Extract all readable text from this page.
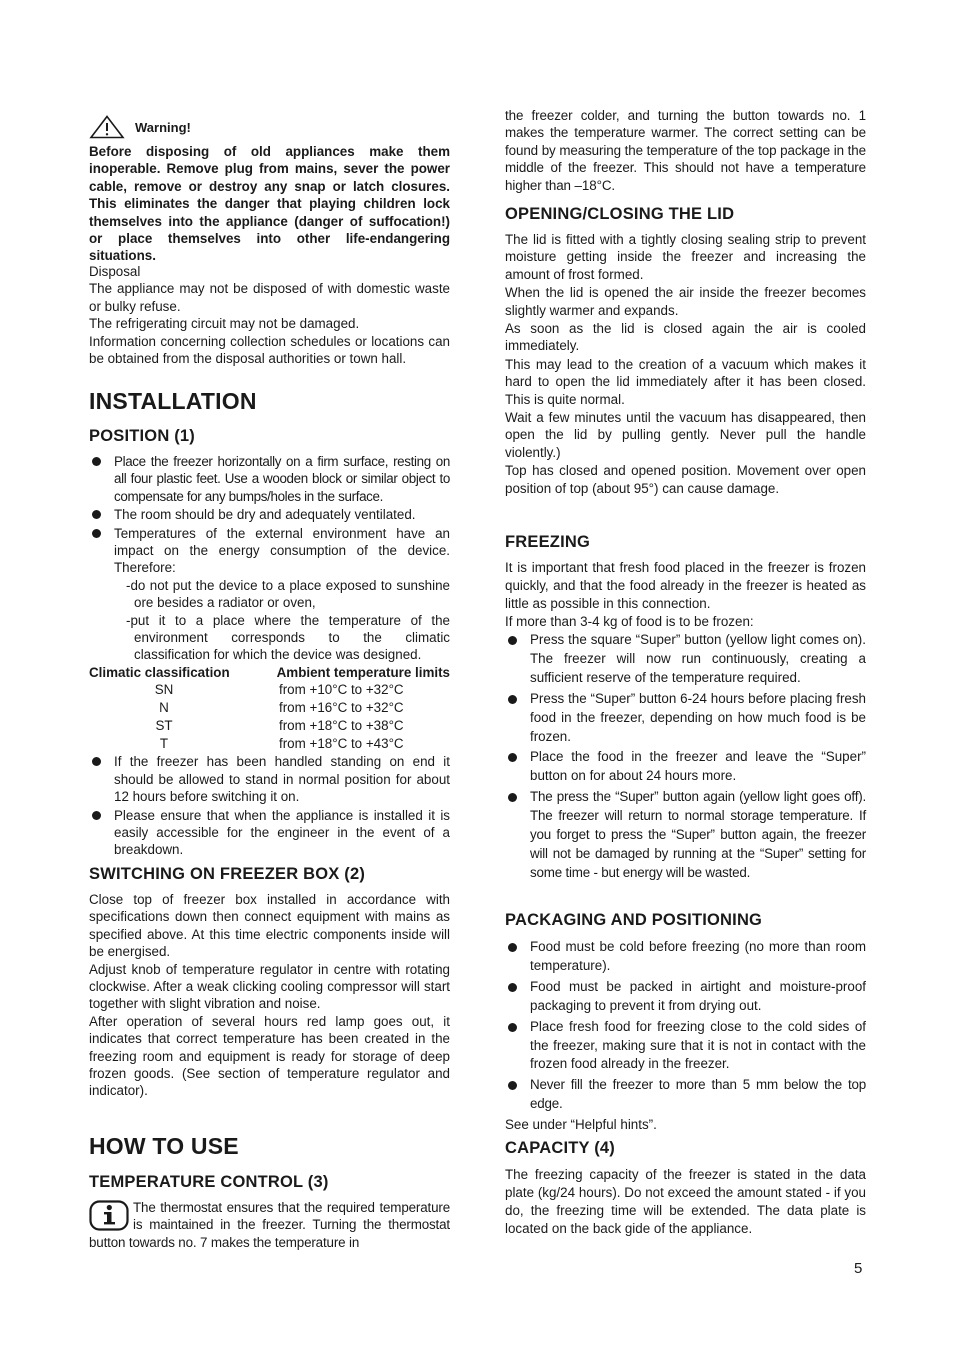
Warning!

Before disposing of old appliances make them inoperable. Remove plug from mains, sever the power cable, remove or destroy any snap or latch closures. This eliminates the danger that playing children lock themselves into the appliance (danger of suffocation!) or place themselves into other life-endangering situations.

Disposal

The appliance may not be disposed of with domestic waste or bulky refuse.

The refrigerating circuit may not be damaged.

Information concerning collection schedules or locations can be obtained from the disposal authorities or town hall.

INSTALLATION
POSITION (1)
Place the freezer horizontally on a firm surface, resting on all four plastic feet. Use a wooden block or similar object to compensate for any bumps/holes in the surface.
The room should be dry and adequately ventilated.
Temperatures of the external environment have an impact on the energy consumption of the device. Therefore:
-do not put the device to a place exposed to sunshine ore besides a radiator or oven,
-put it to a place where the temperature of the environment corresponds to the climatic classification for which the device was designed.
Climatic classification	Ambient temperature limits
SN	from +10°C to +32°C
N	from +16°C to +32°C
ST	from +18°C to +38°C
T	from +18°C to +43°C
If the freezer has been handled standing on end it should be allowed to stand in normal position for about 12 hours before switching it on.
Please ensure that when the appliance is installed it is easily accessible for the engineer in the event of a breakdown.
SWITCHING ON FREEZER BOX (2)

Close top of freezer box installed in accordance with specifications down then connect equipment with mains as specified above. At this time electric components inside will be energised.

Adjust knob of temperature regulator in centre with rotating clockwise. After a weak clicking cooling compressor will start together with slight vibration and noise.

After operation of several hours red lamp goes out, it indicates that correct temperature has been created in the freezing room and equipment is ready for storage of deep frozen goods. (See section of temperature regulator and indicator).

HOW TO USE
TEMPERATURE CONTROL (3)

The thermostat ensures that the required temperature is maintained in the freezer. Turning the thermostat button towards no. 7 makes the temperature in

the freezer colder, and turning the button towards no. 1 makes the temperature warmer. The correct setting can be found by measuring the temperature of the top package in the middle of the freezer. This should not have a temperature higher than –18°C.

OPENING/CLOSING THE LID

The lid is fitted with a tightly closing sealing strip to prevent moisture getting inside the freezer and increasing the amount of frost formed.

When the lid is opened the air inside the freezer becomes slightly warmer and expands.

As soon as the lid is closed again the air is cooled immediately.

This may lead to the creation of a vacuum which makes it hard to open the lid immediately after it has been closed. This is quite normal.

Wait a few minutes until the vacuum has disappeared, then open the lid by pulling gently. Never pull the handle violently.)

Top has closed and opened position. Movement over open position of top (about 95°) can cause damage.

FREEZING

It is important that fresh food placed in the freezer is frozen quickly, and that the food already in the freezer is heated as little as possible in this connection.

If more than 3-4 kg of food is to be frozen:

Press the square “Super” button (yellow light comes on). The freezer will now run continuously, creating a sufficient reserve of the temperature required.
Press the “Super” button 6-24 hours before placing fresh food in the freezer, depending on how much food is be frozen.
Place the food in the freezer and leave the “Super” button on for about 24 hours more.
The press the “Super” button again (yellow light goes off). The freezer will return to normal storage temperature. If you forget to press the “Super” button again, the freezer will not be damaged by running at the “Super” setting for some time - but energy will be wasted.
PACKAGING AND POSITIONING
Food must be cold before freezing (no more than room temperature).
Food must be packed in airtight and moisture-proof packaging to prevent it from drying out.
Place fresh food for freezing close to the cold sides of the freezer, making sure that it is not in contact with the frozen food already in the freezer.
Never fill the freezer to more than 5 mm below the top edge.

See under “Helpful hints”.

CAPACITY (4)

The freezing capacity of the freezer is stated in the data plate (kg/24 hours). Do not exceed the amount stated - if you do, the freezing time will be extended. The data plate is located on the back gide of the appliance.

5
